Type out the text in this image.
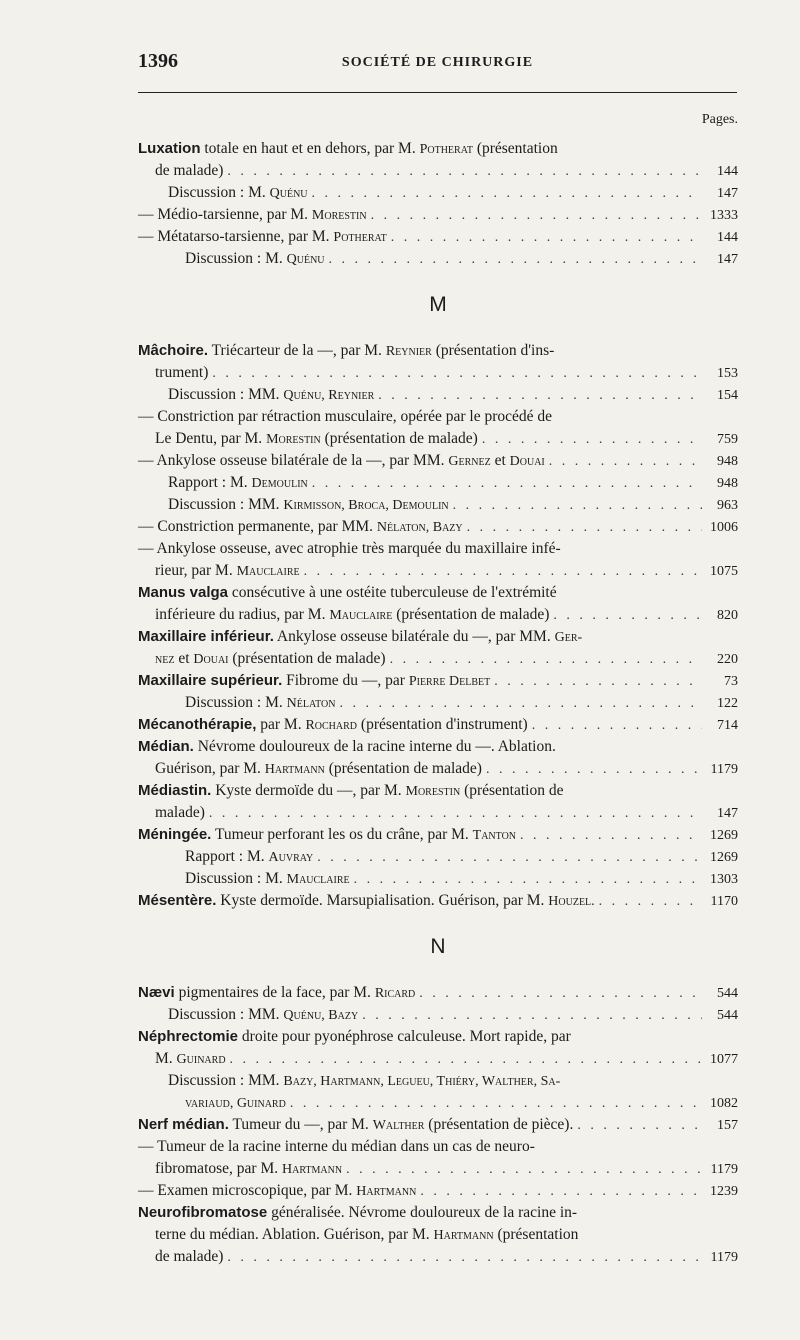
1396	SOCIÉTÉ DE CHIRURGIE
Pages.
Luxation totale en haut et en dehors, par M. Potherat (présentation
de malade) . . .	144
Discussion : M. Quénu . . .	147
— Médio-tarsienne, par M. Morestin . . .	1333
— Métatarso-tarsienne, par M. Potherat . . .	144
Discussion : M. Quénu . . .	147
M
Mâchoire. Triécarteur de la —, par M. Reynier (présentation d'ins-
trument) . . .	153
Discussion : MM. Quénu, Reynier . . .	154
— Constriction par rétraction musculaire, opérée par le procédé de
Le Dentu, par M. Morestin (présentation de malade) . . .	759
— Ankylose osseuse bilatérale de la —, par MM. Gernez et Douai . . .	948
Rapport : M. Demoulin . . .	948
Discussion : MM. Kirmisson, Broca, Demoulin . . .	963
— Constriction permanente, par MM. Nélaton, Bazy . . .	1006
— Ankylose osseuse, avec atrophie très marquée du maxillaire infé-
rieur, par M. Mauclaire . . .	1075
Manus valga consécutive à une ostéite tuberculeuse de l'extrémité
inférieure du radius, par M. Mauclaire (présentation de malade) . . .	820
Maxillaire inférieur. Ankylose osseuse bilatérale du —, par MM. Ger-
nez et Douai (présentation de malade) . . .	220
Maxillaire supérieur. Fibrome du —, par Pierre Delbet . . .	73
Discussion : M. Nélaton . . .	122
Mécanothérapie, par M. Rochard (présentation d'instrument) . . .	714
Médian. Névrome douloureux de la racine interne du —. Ablation.
Guérison, par M. Hartmann (présentation de malade) . . .	1179
Médiastin. Kyste dermoïde du —, par M. Morestin (présentation de
malade) . . .	147
Méningée. Tumeur perforant les os du crâne, par M. Tanton . . .	1269
Rapport : M. Auvray . . .	1269
Discussion : M. Mauclaire . . .	1303
Mésentère. Kyste dermoïde. Marsupialisation. Guérison, par M. Houzel. . . .	1170
N
Nævi pigmentaires de la face, par M. Ricard . . .	544
Discussion : MM. Quénu, Bazy . . .	544
Néphrectomie droite pour pyonéphrose calculeuse. Mort rapide, par
M. Guinard . . .	1077
Discussion : MM. Bazy, Hartmann, Legueu, Thiéry, Walther, Sa-
variaud, Guinard . . .	1082
Nerf médian. Tumeur du —, par M. Walther (présentation de pièce). . . .	157
— Tumeur de la racine interne du médian dans un cas de neuro-
fibromatose, par M. Hartmann . . .	1179
— Examen microscopique, par M. Hartmann . . .	1239
Neurofibromatose généralisée. Névrome douloureux de la racine in-
terne du médian. Ablation. Guérison, par M. Hartmann (présentation
de malade) . . .	1179
